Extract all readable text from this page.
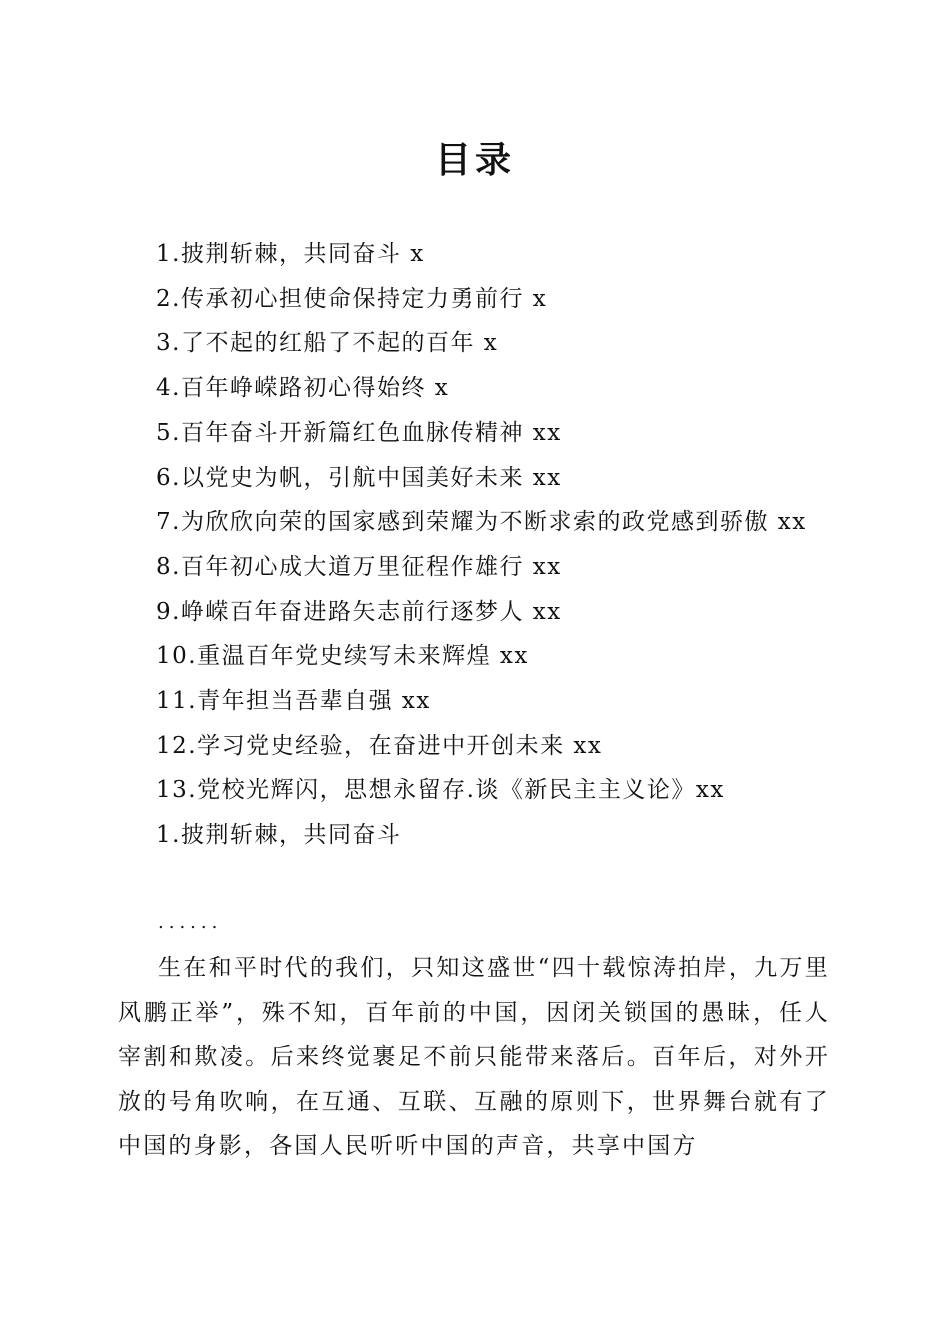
目录
1.披荆斩棘，共同奋斗 x
2.传承初心担使命保持定力勇前行 x
3.了不起的红船了不起的百年 x
4.百年峥嵘路初心得始终 x
5.百年奋斗开新篇红色血脉传精神 xx
6.以党史为帆，引航中国美好未来 xx
7.为欣欣向荣的国家感到荣耀为不断求索的政党感到骄傲 xx
8.百年初心成大道万里征程作雄行 xx
9.峥嵘百年奋进路矢志前行逐梦人 xx
10.重温百年党史续写未来辉煌 xx
11.青年担当吾辈自强 xx
12.学习党史经验，在奋进中开创未来 xx
13.党校光辉闪，思想永留存.谈《新民主主义论》xx
1.披荆斩棘，共同奋斗
......
生在和平时代的我们，只知这盛世“四十载惊涛拍岸，九万里风鹏正举”，殊不知，百年前的中国，因闭关锁国的愚昧，任人宰割和欺凌。后来终觉裹足不前只能带来落后。百年后，对外开放的号角吹响，在互通、互联、互融的原则下，世界舞台就有了中国的身影，各国人民听听中国的声音，共享中国方
